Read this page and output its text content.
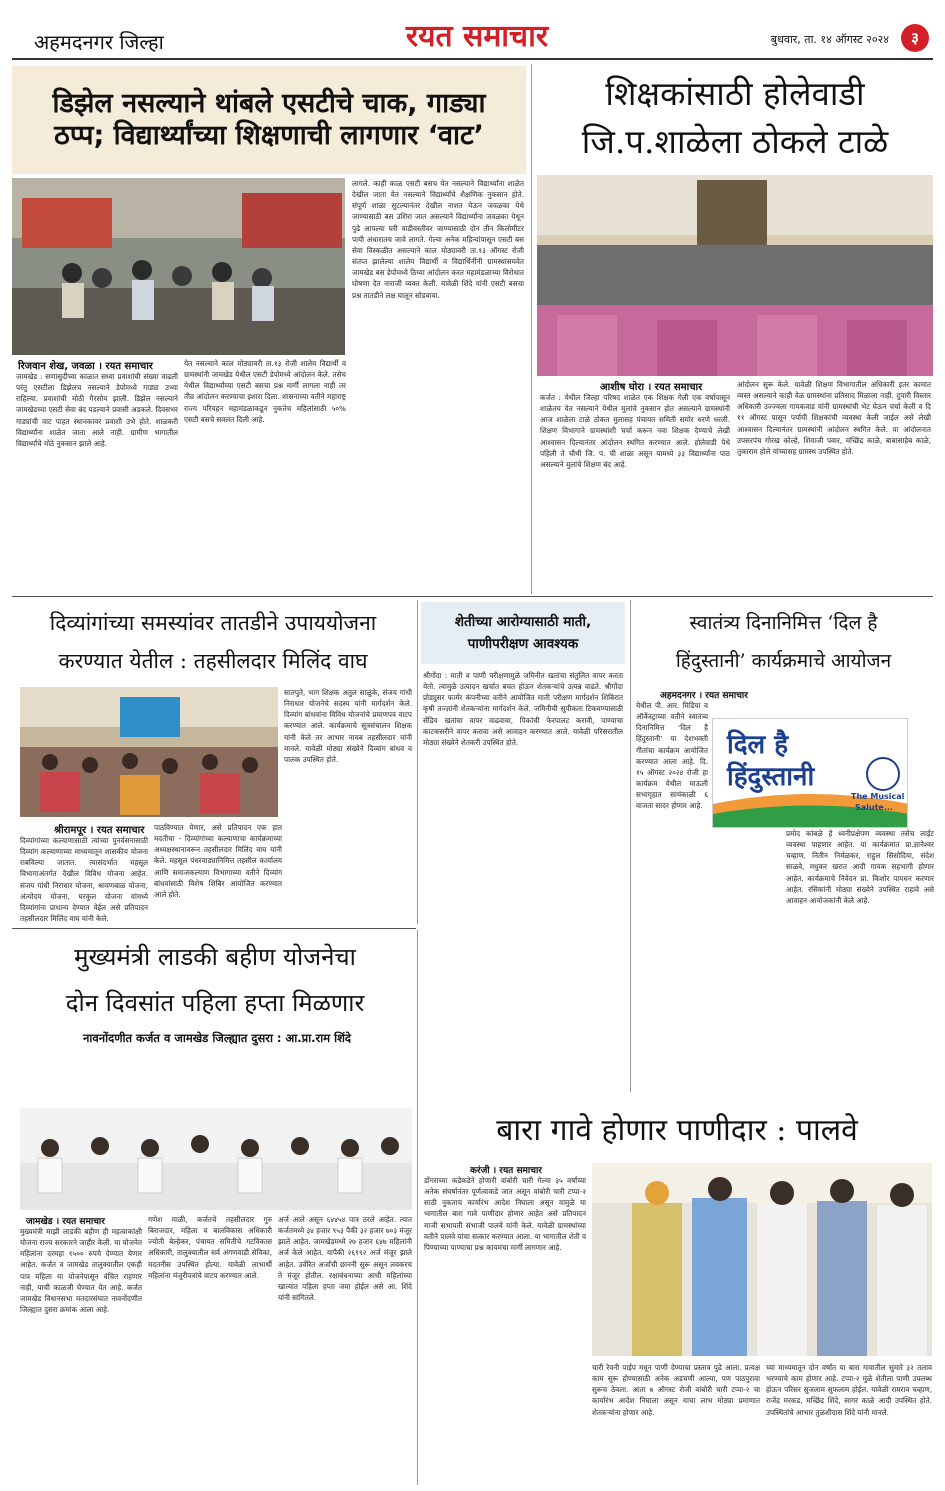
अहमदनगर जिल्हा	रयत समाचार	बुधवार, ता. १४ ऑगस्ट २०२४	३
डिझेल नसल्याने थांबले एसटीचे चाक, गाड्या
ठप्प; विद्यार्थ्यांच्या शिक्षणाची लागणार ‘वाट’
रिजवान शेख, जवळा । रयत समाचार
जामखेड : सणासुदीच्या काळात सध्या प्रवाशांची संख्या वाढली परंतु एसटीला डिझेलच नसल्याने डेपोमध्ये गाड्या उभ्या राहिल्या. प्रवाशांची मोठी गैरसोय झाली. डिझेल नसल्याने जामखेडच्या एसटी सेवा बंद पडल्याने प्रवासी अडकले. दिवसभर गाड्यांची वाट पाहत स्थानकावर प्रवाशी उभे होते. शाळकरी विद्यार्थ्यांना शाळेत जाता आले नाही. ग्रामीण भागातील विद्यार्थ्यांचे मोठे नुकसान झाले आहे.
येत नसल्याने काल मोठ्यावरी ता.१३ रोजी शालेय विद्यार्थी व ग्रामस्थांनी जामखेड येथील एसटी डेपोमध्ये आंदोलन केले. तसेच येथील विद्यार्थ्यांच्या एसटी बसचा प्रश्न मार्गी लागला नाही तर तीव्र आंदोलन करण्याचा इशारा दिला. शासनाच्या वतीने महाराष्ट्र राज्य परिवहन महामंडळाकडून नुकतेच महिलांसाठी ५०% एसटी बसचे सवलत दिली आहे.
लागले. काही काळ एसटी बसच येत नसल्याने विद्यार्थ्यांना शाळेत देखील जाता येत नसल्याने विद्यार्थ्यांचे शैक्षणिक नुकसान होते. संपूर्ण शाळा सुटल्यानंतर देखील नाशत येऊन जवळका येथे जाण्यासाठी बस उशिरा जात असल्याने विद्यार्थ्यांना जवळका येथून पुढे आपल्या घरी वाडीवस्तीवर जाण्यासाठी दोन तीन किलोमीटर पायी अंधारातच जावे लागते. गेल्या अनेक महिन्यांपासून एसटी बस सेवा विस्कळीत असल्याने काल मोठ्यावरी ता.१३ ऑगस्ट रोजी संतप्त झालेल्या शालेय विद्यार्थी व विद्यार्थिनींनी ग्रामस्थांसमवेत जामखेड बस डेपोमध्ये ठिय्या आंदोलन करत महामंडळाच्या विरोधात घोषणा देत नाराजी व्यक्त केली. यावेळी शिंदे यांनी एसटी बसचा प्रश्न तातडीने लक्ष घालून सोडवावा.
शिक्षकांसाठी होलेवाडी
जि.प.शाळेला ठोकले टाळे
आशीष घोरा । रयत समाचार
कर्जत : येथील जिल्हा परिषद शाळेत एक शिक्षक गेली एक वर्षापासून शाळेतच येत नसल्याने येथील मुलांचे नुकसान होत असल्याने ग्रामस्थांनी आज शाळेला टाळे ठोकत मुलासह पंचायत समिती समोर धरणे धरली. शिक्षण विभागाने ग्रामस्थांशी चर्चा करून नवा शिक्षक देण्याचे लेखी आश्वासन दिल्यानंतर आंदोलन स्थगित करण्यात आले. होलेवाडी येथे पहिली ते चौथी जि. प. ची शाळा असून यामध्ये ३३ विद्यार्थ्यांना पाठ असल्याने मुलांचे शिक्षण बंद आहे.
आंदोलन सुरू केले. यावेळी शिक्षण विभागातील अधिकारी इतर कामात व्यस्त असल्याने काही वेळ ग्रामस्थांना प्रतिसाद मिळाला नाही. दुपारी विस्तार अधिकारी उज्ज्वला गायकवाड यांनी ग्रामस्थांची भेट घेऊन चर्चा केली व दि ११ ऑगस्ट पासून पर्यायी शिक्षकांची व्यवस्था केली जाईल असे लेखी आश्वासन दिल्यानंतर ग्रामस्थांनी आंदोलन स्थगित केले. या आंदोलनात उपसरपंच गोरख कोल्हे, शिवाजी पवार, मच्छिंद्र काळे, बाबासाहेब काळे, तुकाराम होले यांच्यासह ग्रामस्थ उपस्थित होते.
दिव्यांगांच्या समस्यांवर तातडीने उपाययोजना
करण्यात येतील : तहसीलदार मिलिंद वाघ
सातपुते, भाग शिक्षक अतुल साळुंके, संजय गांधी निराधार योजनेचे सदस्य यांनी मार्गदर्शन केले. दिव्यांग बांधवांना विविध योजनांचे प्रमाणपत्र वाटप करण्यात आले. कार्यक्रमाचे सूत्रसंचालन शिक्षक यांनी केले तर आभार नायब तहसीलदार यांनी मानले. यावेळी मोठ्या संख्येने दिव्यांग बांधव व पालक उपस्थित होते.
श्रीरामपूर । रयत समाचार
दिव्यांगांच्या कल्याणासाठी त्यांच्या पुनर्वसनासाठी दिव्यांग कल्याणाच्या माध्यमातून शासकीय योजना राबविल्या जातात. त्यासंदर्भात महसूल विभागाअंतर्गत देखील विविध योजना आहेत. संजय गांधी निराधार योजना, श्रावणबाळ योजना, अंत्योदय योजना, घरकुल योजना यांमध्ये दिव्यांगांना प्राधान्य देण्यात येईल असे प्रतिपादन तहसीलदार मिलिंद वाघ यांनी केले.
पाठविण्यात येणार, असे प्रतिपादन एक हात मदतीचा - दिव्यांगांच्या कल्याणाचा कार्यक्रमाच्या अध्यक्षस्थानावरून तहसीलदार मिलिंद वाघ यांनी केले. महसूल पंधरवाड्यानिमित्त तहसील कार्यालय आणि समाजकल्याण विभागाच्या वतीने दिव्यांग बांधवांसाठी विशेष शिबिर आयोजित करण्यात आले होते.
शेतीच्या आरोग्यासाठी माती,
पाणीपरीक्षण आवश्यक
श्रीगोंदा : माती व पाणी परीक्षणामुळे जमिनीत खतांचा संतुलित वापर करता येतो. त्यामुळे उत्पादन खर्चात बचत होऊन शेतकऱ्यांचे उत्पन्न वाढते. श्रीगोंदा प्रोड्युसर फार्मर कंपनीच्या वतीने आयोजित माती परीक्षण मार्गदर्शन शिबिरात कृषी तज्ज्ञांनी शेतकऱ्यांना मार्गदर्शन केले. जमिनीची सुपीकता टिकवण्यासाठी सेंद्रिय खतांचा वापर वाढवावा, पिकांची फेरपालट करावी, पाण्याचा काटकसरीने वापर करावा असे आवाहन करण्यात आले. यावेळी परिसरातील मोठ्या संख्येने शेतकरी उपस्थित होते.
स्वातंत्र्य दिनानिमित्त ‘दिल है
हिंदुस्तानी’ कार्यक्रमाचे आयोजन
अहमदनगर । रयत समाचार
येथील पी. आर. मिडिया व ऑर्केस्ट्राच्या वतीने स्वातंत्र्य दिनानिमित्त ‘दिल है हिंदुस्तानी’ या देशभक्ती गीतांचा कार्यक्रम आयोजित करण्यात आला आहे. दि. १५ ऑगस्ट २०२४ रोजी हा कार्यक्रम येथील माऊली सभागृहात सायंकाळी ६ वाजता सादर होणार आहे.
प्रमोद कांबळे हे ध्वनीप्रक्षेपण व्यवस्था तसेच लाईट व्यवस्था पाहणार आहेत. या कार्यक्रमात प्रा.ज्ञानेश्वर चव्हाण, नितीन निर्मळकर, राहुल सिसोदिया, संदेश साळवे, मधुकर खरात आदी गायक सहभागी होणार आहेत. कार्यक्रमाचे निवेदन प्रा. किशोर पायधन करणार आहेत. रसिकांनी मोठ्या संख्येने उपस्थित राहावे असे आवाहन आयोजकांनी केले आहे.
दिल है
हिंदुस्तानी
The Musical
Salute...
मुख्यमंत्री लाडकी बहीण योजनेचा
दोन दिवसांत पहिला हप्ता मिळणार
नावनोंदणीत कर्जत व जामखेड जिल्ह्यात दुसरा : आ.प्रा.राम शिंदे
जामखेड । रयत समाचार
मुख्यमंत्री माझी लाडकी बहीण ही महत्वाकांक्षी योजना राज्य सरकारने जाहीर केली. या योजनेत महिलांना दरमहा १५०० रुपये देण्यात येणार आहेत. कर्जत व जामखेड तालुक्यातील एकही पात्र महिला या योजनेपासून वंचित राहणार नाही, याची काळजी घेण्यात येत आहे. कर्जत जामखेड विधानसभा मतदारसंघात नावनोंदणीत जिल्ह्यात दुसरा क्रमांक आला आहे.
गणेश माळी, कर्जतचे तहसीलदार गुरु बिराजदार, महिला व बालविकास अधिकारी ज्योती बेल्हेकर, पंचायत समितीचे गटविकास अधिकारी, तालुक्यातील सर्व अंगणवाडी सेविका, मदतनीस उपस्थित होत्या. यावेळी लाभार्थी महिलांना मंजुरीपत्रांचे वाटप करण्यात आले.
अर्ज आले असून ६४४५४ पात्र ठरले आहेत. त्यात कर्जतमध्ये ३४ हजार ९५३ पैकी ३२ हजार ७०३ मंजूर झाले आहेत. जामखेडमध्ये २७ हजार ६४७ महिलांनी अर्ज केले आहेत. यापैकी २६९९२ अर्ज मंजूर झाले आहेत. उर्वरित अर्जांची छाननी सुरू असून लवकरच ते मंजूर होतील. रक्षाबंधनाच्या आधी महिलांच्या खात्यात पहिला हप्ता जमा होईल असे आ. शिंदे यांनी सांगितले.
बारा गावे होणार पाणीदार : पालवे
करंजी । रयत समाचार
डोंगराच्या कडेकडेने होणारी वांबोरी चारी गेल्या ३५ वर्षांच्या अनेक संघर्षानंतर पूर्णत्वाकडे जात असून वांबोरी चारी टप्पा-२ साठी नुकताच कार्यारंभ आदेश निघाला असून यामुळे या भागातील बारा गावे पाणीदार होणार आहेत असे प्रतिपादन माजी सभापती संभाजी पालवे यांनी केले. यावेळी ग्रामस्थांच्या वतीने पालवे यांचा सत्कार करण्यात आला. या भागातील शेती व पिण्याच्या पाण्याचा प्रश्न कायमचा मार्गी लागणार आहे.
चारी रेवनी पाईप मधून पाणी देण्याचा प्रस्ताव पुढे आला. प्रत्यक्ष काम सुरू होण्यासाठी अनेक अडचणी आल्या, पण पाठपुरावा सुरूच ठेवला. आता ७ ऑगस्ट रोजी वांबोरी चारी टप्पा-२ चा कार्यारंभ आदेश निघाला असून याचा लाभ मोठ्या प्रमाणात शेतकऱ्यांना होणार आहे.
च्या माध्यमातून दोन वर्षांत या बारा गावातील सुमारे ३२ तलाव भरण्याचे काम होणार आहे. टप्पा-२ मुळे शेतीला पाणी उपलब्ध होऊन परिसर सुजलाम सुफलाम होईल. यावेळी रामराव चव्हाण, राजेंद्र मरकड, मच्छिंद्र शिंदे, सागर काळे आदी उपस्थित होते. उपस्थितांचे आभार तुळशीदास शिंदे यांनी मानले.
